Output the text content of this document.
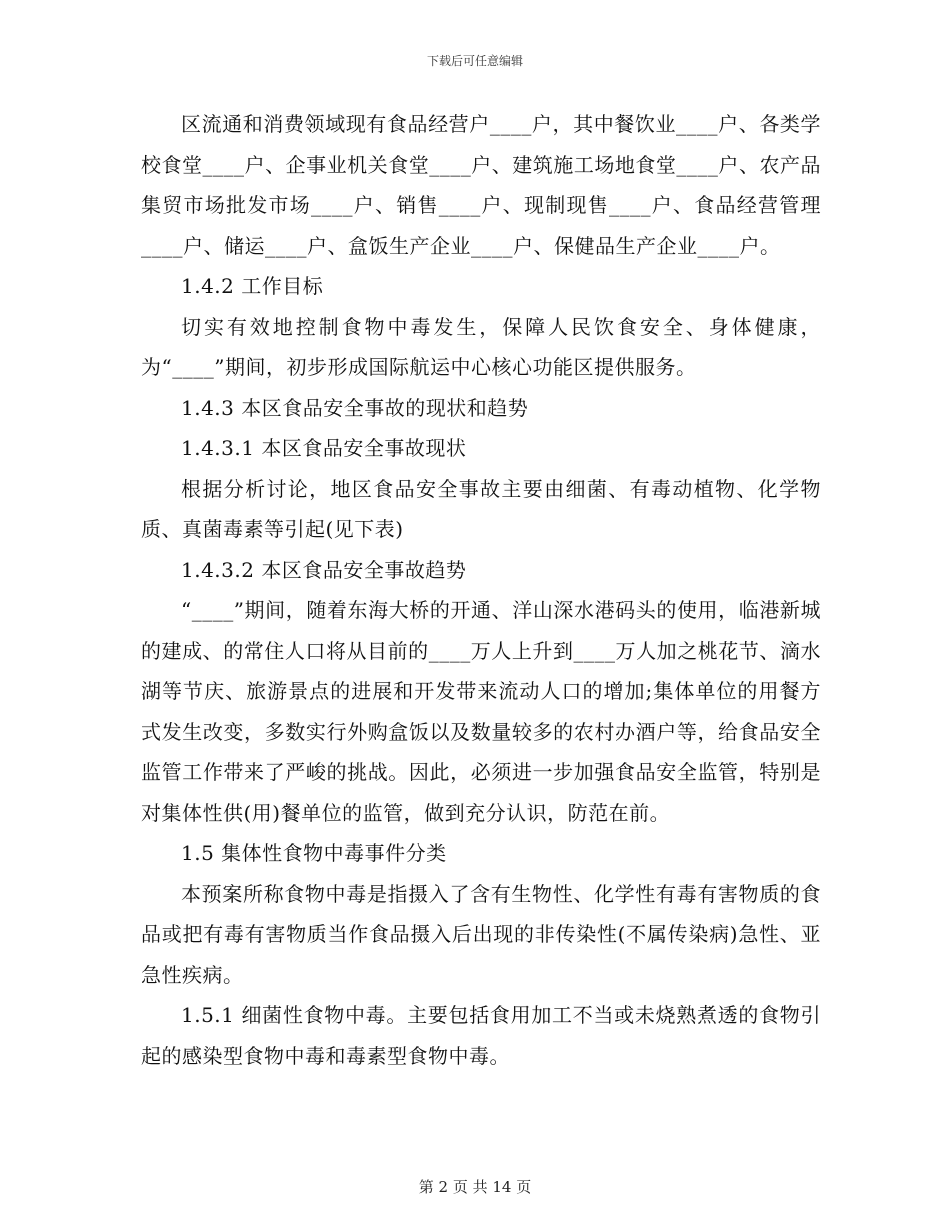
下载后可任意编辑

区流通和消费领域现有食品经营户____户，其中餐饮业____户、各类学校食堂____户、企事业机关食堂____户、建筑施工场地食堂____户、农产品集贸市场批发市场____户、销售____户、现制现售____户、食品经营管理____户、储运____户、盒饭生产企业____户、保健品生产企业____户。

1.4.2 工作目标

切实有效地控制食物中毒发生，保障人民饮食安全、身体健康，为“____”期间，初步形成国际航运中心核心功能区提供服务。

1.4.3 本区食品安全事故的现状和趋势

1.4.3.1 本区食品安全事故现状

根据分析讨论，地区食品安全事故主要由细菌、有毒动植物、化学物质、真菌毒素等引起(见下表)

1.4.3.2 本区食品安全事故趋势

“____”期间，随着东海大桥的开通、洋山深水港码头的使用，临港新城的建成、的常住人口将从目前的____万人上升到____万人加之桃花节、滴水湖等节庆、旅游景点的进展和开发带来流动人口的增加;集体单位的用餐方式发生改变，多数实行外购盒饭以及数量较多的农村办酒户等，给食品安全监管工作带来了严峻的挑战。因此，必须进一步加强食品安全监管，特别是对集体性供(用)餐单位的监管，做到充分认识，防范在前。

1.5 集体性食物中毒事件分类

本预案所称食物中毒是指摄入了含有生物性、化学性有毒有害物质的食品或把有毒有害物质当作食品摄入后出现的非传染性(不属传染病)急性、亚急性疾病。

1.5.1 细菌性食物中毒。主要包括食用加工不当或未烧熟煮透的食物引起的感染型食物中毒和毒素型食物中毒。

第 2 页 共 14 页
